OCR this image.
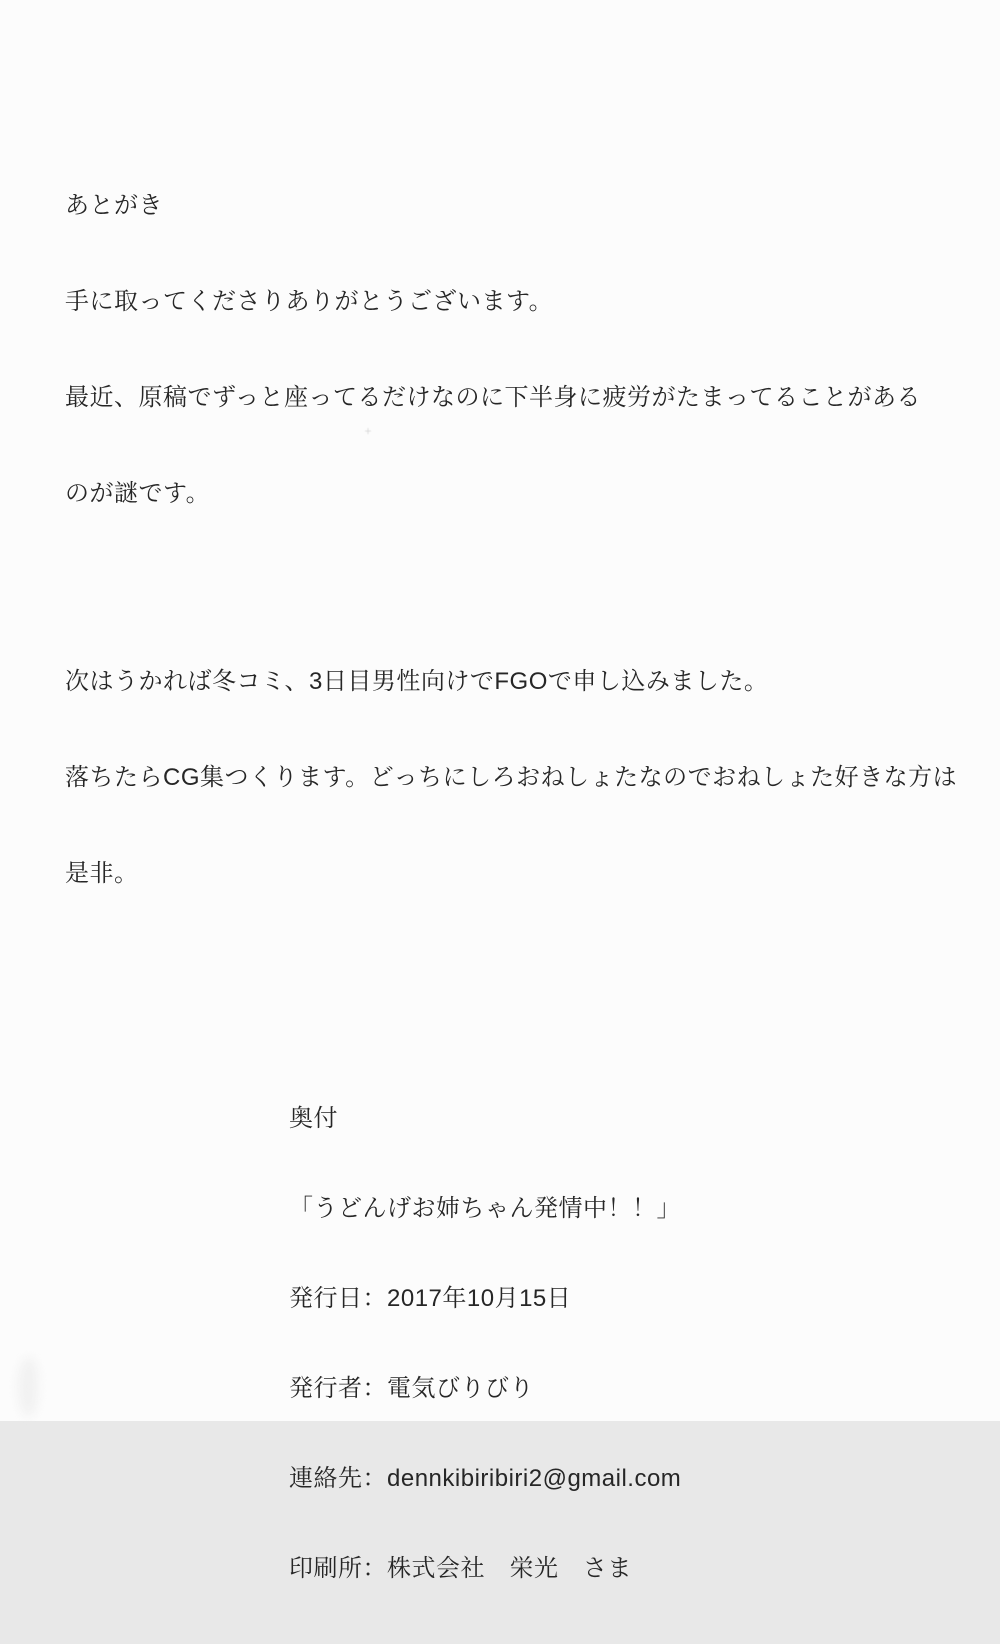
あとがき

手に取ってくださりありがとうございます。

最近、原稿でずっと座ってるだけなのに下半身に疲労がたまってることがある

のが謎です。

次はうかれば冬コミ、3日目男性向けでFGOで申し込みました。

落ちたらCG集つくります。どっちにしろおねしょたなのでおねしょた好きな方は

是非。

奥付

「うどんげお姉ちゃん発情中！！」

発行日：2017年10月15日

発行者：電気びりびり

連絡先：dennkibiribiri2@gmail.com

印刷所：株式会社　栄光　さま

+
